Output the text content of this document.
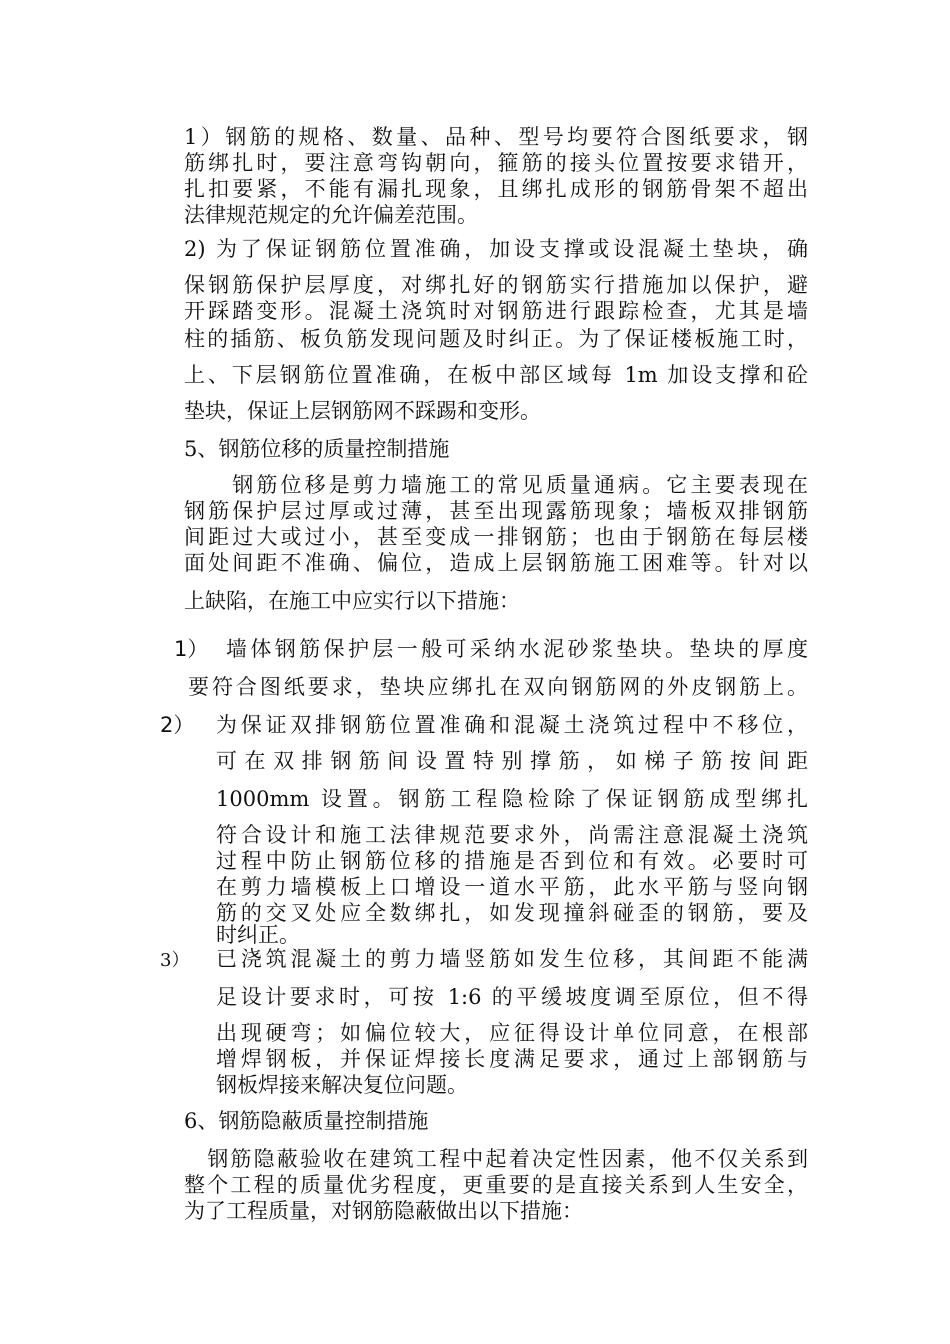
1）钢筋的规格、数量、品种、型号均要符合图纸要求，钢
筋绑扎时，要注意弯钩朝向，箍筋的接头位置按要求错开，
扎扣要紧，不能有漏扎现象，且绑扎成形的钢筋骨架不超出
法律规范规定的允许偏差范围。
2) 为了保证钢筋位置准确，加设支撑或设混凝土垫块，确
保钢筋保护层厚度，对绑扎好的钢筋实行措施加以保护，避
开踩踏变形。混凝土浇筑时对钢筋进行跟踪检查，尤其是墙
柱的插筋、板负筋发现问题及时纠正。为了保证楼板施工时，
上、下层钢筋位置准确，在板中部区域每 1m 加设支撑和砼
垫块，保证上层钢筋网不踩踢和变形。
5、钢筋位移的质量控制措施
　　钢筋位移是剪力墙施工的常见质量通病。它主要表现在
钢筋保护层过厚或过薄，甚至出现露筋现象；墙板双排钢筋
间距过大或过小，甚至变成一排钢筋；也由于钢筋在每层楼
面处间距不准确、偏位，造成上层钢筋施工困难等。针对以
上缺陷，在施工中应实行以下措施：
1） 墙体钢筋保护层一般可采纳水泥砂浆垫块。垫块的厚度
要符合图纸要求，垫块应绑扎在双向钢筋网的外皮钢筋上。
2） 为保证双排钢筋位置准确和混凝土浇筑过程中不移位，
可在双排钢筋间设置特别撑筋，如梯子筋按间距
1000mm 设置。钢筋工程隐检除了保证钢筋成型绑扎
符合设计和施工法律规范要求外，尚需注意混凝土浇筑
过程中防止钢筋位移的措施是否到位和有效。必要时可
在剪力墙模板上口增设一道水平筋，此水平筋与竖向钢
筋的交叉处应全数绑扎，如发现撞斜碰歪的钢筋，要及
时纠正。
3） 已浇筑混凝土的剪力墙竖筋如发生位移，其间距不能满
足设计要求时，可按 1:6 的平缓坡度调至原位，但不得
出现硬弯；如偏位较大，应征得设计单位同意，在根部
增焊钢板，并保证焊接长度满足要求，通过上部钢筋与
钢板焊接来解决复位问题。
6、钢筋隐蔽质量控制措施
　钢筋隐蔽验收在建筑工程中起着决定性因素，他不仅关系到
整个工程的质量优劣程度，更重要的是直接关系到人生安全，
为了工程质量，对钢筋隐蔽做出以下措施：
